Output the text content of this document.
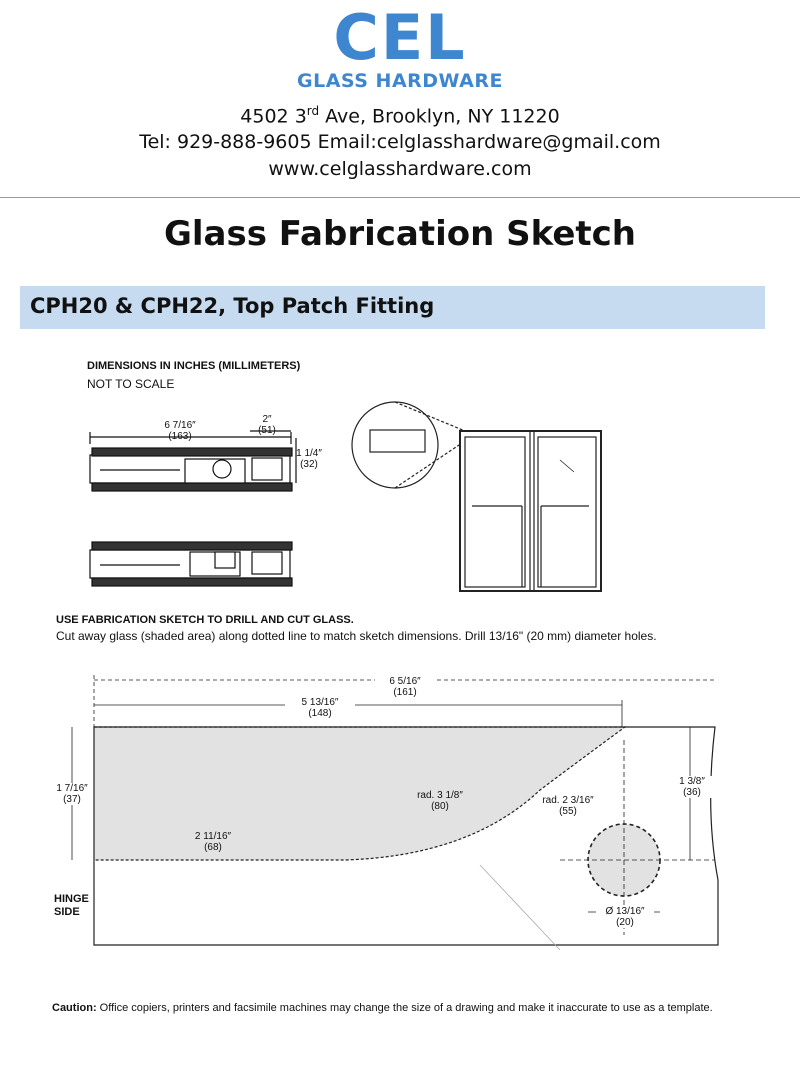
CEL
GLASS HARDWARE
4502 3rd Ave, Brooklyn, NY 11220
Tel: 929-888-9605 Email:celglasshardware@gmail.com
www.celglasshardware.com
Glass Fabrication Sketch
CPH20 & CPH22, Top Patch Fitting
DIMENSIONS IN INCHES (MILLIMETERS)
NOT TO SCALE
6 7/16″
(163)
2″
(51)
1 1/4″
(32)
USE FABRICATION SKETCH TO DRILL AND CUT GLASS.
Cut away glass (shaded area) along dotted line to match sketch dimensions. Drill 13/16" (20 mm) diameter holes.
6 5/16″
(161)
5 13/16″
(148)
1 7/16″
(37)
1 3/8″
(36)
rad. 3 1/8″
(80)
rad. 2 3/16″
(55)
2 11/16″
(68)
Ø 13/16″
(20)
HINGE SIDE
Caution: Office copiers, printers and facsimile machines may change the size of a drawing and make it inaccurate to use as a template.
